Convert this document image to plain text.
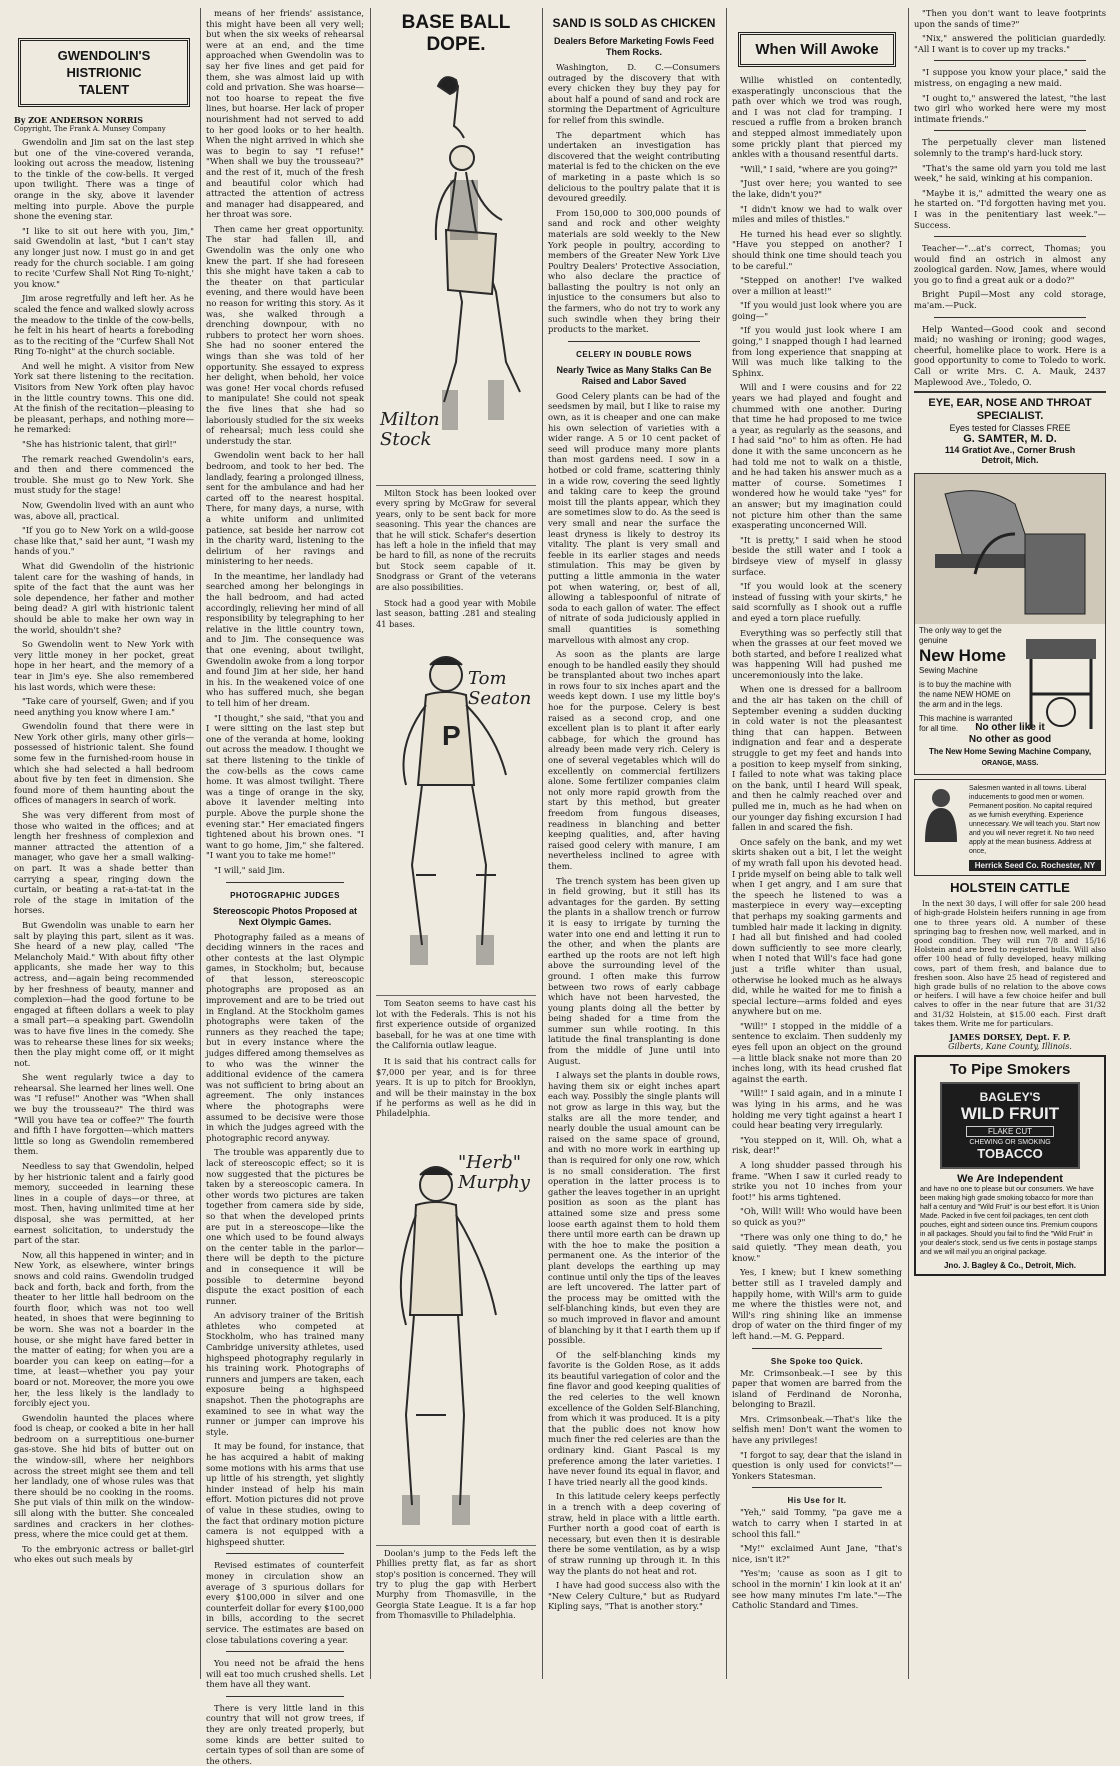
GWENDOLIN'S HISTRIONIC
TALENT
By ZOE ANDERSON NORRIS
Copyright, The Frank A. Munsey Company

Gwendolin and Jim sat on the last step but one of the vine-covered veranda, looking out across the meadow, listening to the tinkle of the cow-bells. It verged upon twilight. There was a tinge of orange in the sky, above it lavender melting into purple. Above the purple shone the evening star.

"I like to sit out here with you, Jim," said Gwendolin at last, "but I can't stay any longer just now. I must go in and get ready for the church sociable. I am going to recite 'Curfew Shall Not Ring To-night,' you know."

Jim arose regretfully and left her. As he scaled the fence and walked slowly across the meadow to the tinkle of the cow-bells, he felt in his heart of hearts a foreboding as to the reciting of the "Curfew Shall Not Ring To-night" at the church sociable.

And well he might. A visitor from New York sat there listening to the recitation. Visitors from New York often play havoc in the little country towns. This one did. At the finish of the recitation—pleasing to be pleasant, perhaps, and nothing more—he remarked:

"She has histrionic talent, that girl!"

The remark reached Gwendolin's ears, and then and there commenced the trouble. She must go to New York. She must study for the stage!

Now, Gwendolin lived with an aunt who was, above all, practical.

"If you go to New York on a wild-goose chase like that," said her aunt, "I wash my hands of you."

What did Gwendolin of the histrionic talent care for the washing of hands, in spite of the fact that the aunt was her sole dependence, her father and mother being dead? A girl with histrionic talent should be able to make her own way in the world, shouldn't she?

So Gwendolin went to New York with very little money in her pocket, great hope in her heart, and the memory of a tear in Jim's eye. She also remembered his last words, which were these:

"Take care of yourself, Gwen; and if you need anything you know where I am."

Gwendolin found that there were in New York other girls, many other girls—possessed of histrionic talent. She found some few in the furnished-room house in which she had selected a hall bedroom about five by ten feet in dimension. She found more of them haunting about the offices of managers in search of work.

She was very different from most of those who waited in the offices; and at length her freshness of complexion and manner attracted the attention of a manager, who gave her a small walking-on part. It was a shade better than carrying a spear, ringing down the curtain, or beating a rat-a-tat-tat in the role of the stage in imitation of the horses.

But Gwendolin was unable to earn her salt by playing this part, silent as it was. She heard of a new play, called "The Melancholy Maid." With about fifty other applicants, she made her way to this actress, and—again being recommended by her freshness of beauty, manner and complexion—had the good fortune to be engaged at fifteen dollars a week to play a small part—a speaking part. Gwendolin was to have five lines in the comedy. She was to rehearse these lines for six weeks; then the play might come off, or it might not.

She went regularly twice a day to rehearsal. She learned her lines well. One was "I refuse!" Another was "When shall we buy the trousseau?" The third was "Will you have tea or coffee?" The fourth and fifth I have forgotten—which matters little so long as Gwendolin remembered them.

Needless to say that Gwendolin, helped by her histrionic talent and a fairly good memory, succeeded in learning these lines in a couple of days—or three, at most. Then, having unlimited time at her disposal, she was permitted, at her earnest solicitation, to understudy the part of the star.

Now, all this happened in winter; and in New York, as elsewhere, winter brings snows and cold rains. Gwendolin trudged back and forth, back and forth, from the theater to her little hall bedroom on the fourth floor, which was not too well heated, in shoes that were beginning to be worn. She was not a boarder in the house, or she might have fared better in the matter of eating; for when you are a boarder you can keep on eating—for a time, at least—whether you pay your board or not. Moreover, the more you owe her, the less likely is the landlady to forcibly eject you.

Gwendolin haunted the places where food is cheap, or cooked a bite in her hall bedroom on a surreptitious one-burner gas-stove. She hid bits of butter out on the window-sill, where her neighbors across the street might see them and tell her landlady, one of whose rules was that there should be no cooking in the rooms. She put vials of thin milk on the window-sill along with the butter. She concealed sardines and crackers in her clothes-press, where the mice could get at them.

To the embryonic actress or ballet-girl who ekes out such meals by

means of her friends' assistance, this might have been all very well; but when the six weeks of rehearsal were at an end, and the time approached when Gwendolin was to say her five lines and get paid for them, she was almost laid up with cold and privation. She was hoarse—not too hoarse to repeat the five lines, but hoarse. Her lack of proper nourishment had not served to add to her good looks or to her health. When the night arrived in which she was to begin to say "I refuse!" "When shall we buy the trousseau?" and the rest of it, much of the fresh and beautiful color which had attracted the attention of actress and manager had disappeared, and her throat was sore.

Then came her great opportunity. The star had fallen ill, and Gwendolin was the only one who knew the part. If she had foreseen this she might have taken a cab to the theater on that particular evening, and there would have been no reason for writing this story. As it was, she walked through a drenching downpour, with no rubbers to protect her worn shoes. She had no sooner entered the wings than she was told of her opportunity. She essayed to express her delight, when behold, her voice was gone! Her vocal chords refused to manipulate! She could not speak the five lines that she had so laboriously studied for the six weeks of rehearsal; much less could she understudy the star.

Gwendolin went back to her hall bedroom, and took to her bed. The landlady, fearing a prolonged illness, sent for the ambulance and had her carted off to the nearest hospital. There, for many days, a nurse, with a white uniform and unlimited patience, sat beside her narrow cot in the charity ward, listening to the delirium of her ravings and ministering to her needs.

In the meantime, her landlady had searched among her belongings in the hall bedroom, and had acted accordingly, relieving her mind of all responsibility by telegraphing to her relative in the little country town, and to Jim. The consequence was that one evening, about twilight, Gwendolin awoke from a long torpor and found Jim at her side, her hand in his. In the weakened voice of one who has suffered much, she began to tell him of her dream.

"I thought," she said, "that you and I were sitting on the last step but one of the veranda at home, looking out across the meadow. I thought we sat there listening to the tinkle of the cow-bells as the cows came home. It was almost twilight. There was a tinge of orange in the sky, above it lavender melting into purple. Above the purple shone the evening star." Her emaciated fingers tightened about his brown ones. "I want to go home, Jim," she faltered. "I want you to take me home!"

"I will," said Jim.

PHOTOGRAPHIC JUDGES
Stereoscopic Photos Proposed at Next Olympic Games.

Photography failed as a means of deciding winners in the races and other contests at the last Olympic games, in Stockholm; but, because of that lesson, stereoscopic photographs are proposed as an improvement and are to be tried out in England. At the Stockholm games photographs were taken of the runners as they reached the tape; but in every instance where the judges differed among themselves as to who was the winner the additional evidence of the camera was not sufficient to bring about an agreement. The only instances where the photographs were assumed to be decisive were those in which the judges agreed with the photographic record anyway.

The trouble was apparently due to lack of stereoscopic effect; so it is now suggested that the pictures be taken by a stereoscopic camera. In other words two pictures are taken together from camera side by side, so that when the developed prints are put in a stereoscope—like the one which used to be found always on the center table in the parlor—there will be depth to the picture and in consequence it will be possible to determine beyond dispute the exact position of each runner.

An advisory trainer of the British athletes who competed at Stockholm, who has trained many Cambridge university athletes, used highspeed photography regularly in his training work. Photographs of runners and jumpers are taken, each exposure being a highspeed snapshot. Then the photographs are examined to see in what way the runner or jumper can improve his style.

It may be found, for instance, that he has acquired a habit of making some motions with his arms that use up little of his strength, yet slightly hinder instead of help his main effort. Motion pictures did not prove of value in these studies, owing to the fact that ordinary motion picture camera is not equipped with a highspeed shutter.

Revised estimates of counterfeit money in circulation show an average of 3 spurious dollars for every $100,000 in silver and one counterfeit dollar for every $100,000 in bills, according to the secret service. The estimates are based on close tabulations covering a year.

You need not be afraid the hens will eat too much crushed shells. Let them have all they want.

There is very little land in this country that will not grow trees, if they are only treated properly, but some kinds are better suited to certain types of soil than are some of the others.

BASE BALL DOPE.
Milton
Stock

Milton Stock has been looked over every spring by McGraw for several years, only to be sent back for more seasoning. This year the chances are that he will stick. Schafer's desertion has left a hole in the infield that may be hard to fill, as none of the recruits but Stock seem capable of it. Snodgrass or Grant of the veterans are also possibilities.

Stock had a good year with Mobile last season, batting .281 and stealing 41 bases.

P
Tom
Seaton

Tom Seaton seems to have cast his lot with the Federals. This is not his first experience outside of organized baseball, for he was at one time with the California outlaw league.

It is said that his contract calls for $7,000 per year, and is for three years. It is up to pitch for Brooklyn, and will be their mainstay in the box if he performs as well as he did in Philadelphia.

"Herb"
Murphy

Doolan's jump to the Feds left the Phillies pretty flat, as far as short stop's position is concerned. They will try to plug the gap with Herbert Murphy from Thomasville, in the Georgia State League. It is a far hop from Thomasville to Philadelphia.

SAND IS SOLD AS CHICKEN
Dealers Before Marketing Fowls Feed Them Rocks.

Washington, D. C.—Consumers outraged by the discovery that with every chicken they buy they pay for about half a pound of sand and rock are storming the Department of Agriculture for relief from this swindle.

The department which has undertaken an investigation has discovered that the weight contributing material is fed to the chicken on the eve of marketing in a paste which is so delicious to the poultry palate that it is devoured greedily.

From 150,000 to 300,000 pounds of sand and rock and other weighty materials are sold weekly to the New York people in poultry, according to members of the Greater New York Live Poultry Dealers' Protective Association, who also declare the practice of ballasting the poultry is not only an injustice to the consumers but also to the farmers, who do not try to work any such swindle when they bring their products to the market.

CELERY IN DOUBLE ROWS
Nearly Twice as Many Stalks Can Be Raised and Labor Saved

Good Celery plants can be had of the seedsmen by mail, but I like to raise my own, as it is cheaper and one can make his own selection of varieties with a wider range. A 5 or 10 cent packet of seed will produce many more plants than most gardens need. I sow in a hotbed or cold frame, scattering thinly in a wide row, covering the seed lightly and taking care to keep the ground moist till the plants appear, which they are sometimes slow to do. As the seed is very small and near the surface the least dryness is likely to destroy its vitality. The plant is very small and feeble in its earlier stages and needs stimulation. This may be given by putting a little ammonia in the water pot when watering, or, best of all, allowing a tablespoonful of nitrate of soda to each gallon of water. The effect of nitrate of soda judiciously applied in small quantities is something marvellous with almost any crop.

As soon as the plants are large enough to be handled easily they should be transplanted about two inches apart in rows four to six inches apart and the weeds kept down. I use my little boy's hoe for the purpose. Celery is best raised as a second crop, and one excellent plan is to plant it after early cabbage, for which the ground has already been made very rich. Celery is one of several vegetables which will do excellently on commercial fertilizers alone. Some fertilizer companies claim not only more rapid growth from the start by this method, but greater freedom from fungous diseases, readiness in blanching and better keeping qualities, and, after having raised good celery with manure, I am nevertheless inclined to agree with them.

The trench system has been given up in field growing, but it still has its advantages for the garden. By setting the plants in a shallow trench or furrow it is easy to irrigate by turning the water into one end and letting it run to the other, and when the plants are earthed up the roots are not left high above the surrounding level of the ground. I often make this furrow between two rows of early cabbage which have not been harvested, the young plants doing all the better by being shaded for a time from the summer sun while rooting. In this latitude the final transplanting is done from the middle of June until into August.

I always set the plants in double rows, having them six or eight inches apart each way. Possibly the single plants will not grow as large in this way, but the stalks are all the more tender, and nearly double the usual amount can be raised on the same space of ground, and with no more work in earthing up than is required for only one row, which is no small consideration. The first operation in the latter process is to gather the leaves together in an upright position as soon as the plant has attained some size and press some loose earth against them to hold them there until more earth can be drawn up with the hoe to make the position a permanent one. As the interior of the plant develops the earthing up may continue until only the tips of the leaves are left uncovered. The latter part of the process may be omitted with the self-blanching kinds, but even they are so much improved in flavor and amount of blanching by it that I earth them up if possible.

Of the self-blanching kinds my favorite is the Golden Rose, as it adds its beautiful variegation of color and the fine flavor and good keeping qualities of the red celeries to the well known excellence of the Golden Self-Blanching, from which it was produced. It is a pity that the public does not know how much finer the red celeries are than the ordinary kind. Giant Pascal is my preference among the later varieties. I have never found its equal in flavor, and I have tried nearly all the good kinds.

In this latitude celery keeps perfectly in a trench with a deep covering of straw, held in place with a little earth. Further north a good coat of earth is necessary, but even then it is desirable there be some ventilation, as by a wisp of straw running up through it. In this way the plants do not heat and rot.

I have had good success also with the "New Celery Culture," but as Rudyard Kipling says, "That is another story."

When Will Awoke

Willie whistled on contentedly, exasperatingly unconscious that the path over which we trod was rough, and I was not clad for tramping. I rescued a ruffle from a broken branch and stepped almost immediately upon some prickly plant that pierced my ankles with a thousand resentful darts.

"Will," I said, "where are you going?"

"Just over here; you wanted to see the lake, didn't you?"

"I didn't know we had to walk over miles and miles of thistles."

He turned his head ever so slightly. "Have you stepped on another? I should think one time should teach you to be careful."

"Stepped on another! I've walked over a million at least!"

"If you would just look where you are going—"

"If you would just look where I am going," I snapped though I had learned from long experience that snapping at Will was much like talking to the Sphinx.

Will and I were cousins and for 22 years we had played and fought and chummed with one another. During that time he had proposed to me twice a year, as regularly as the seasons, and I had said "no" to him as often. He had done it with the same unconcern as he had told me not to walk on a thistle, and he had taken his answer much as a matter of course. Sometimes I wondered how he would take "yes" for an answer; but my imagination could not picture him other than the same exasperating unconcerned Will.

"It is pretty," I said when he stood beside the still water and I took a birdseye view of myself in glassy surface.

"If you would look at the scenery instead of fussing with your skirts," he said scornfully as I shook out a ruffle and eyed a torn place ruefully.

Everything was so perfectly still that when the grasses at our feet moved we both started, and before I realized what was happening Will had pushed me unceremoniously into the lake.

When one is dressed for a ballroom and the air has taken on the chill of September evening a sudden ducking in cold water is not the pleasantest thing that can happen. Between indignation and fear and a desperate struggle to get my feet and hands into a position to keep myself from sinking, I failed to note what was taking place on the bank, until I heard Will speak, and then he calmly reached over and pulled me in, much as he had when on our younger day fishing excursion I had fallen in and scared the fish.

Once safely on the bank, and my wet skirts shaken out a bit, I let the weight of my wrath fall upon his devoted head. I pride myself on being able to talk well when I get angry, and I am sure that the speech he listened to was a masterpiece in every way—excepting that perhaps my soaking garments and tumbled hair made it lacking in dignity. I had all but finished and had cooled down sufficiently to see more clearly, when I noted that Will's face had gone just a trifle whiter than usual, otherwise he looked much as he always did, while he waited for me to finish a special lecture—arms folded and eyes anywhere but on me.

"Will!" I stopped in the middle of a sentence to exclaim. Then suddenly my eyes fell upon an object on the ground—a little black snake not more than 20 inches long, with its head crushed flat against the earth.

"Will!" I said again, and in a minute I was lying in his arms, and he was holding me very tight against a heart I could hear beating very irregularly.

"You stepped on it, Will. Oh, what a risk, dear!"

A long shudder passed through his frame. "When I saw it curled ready to strike you not 10 inches from your foot!" his arms tightened.

"Oh, Will! Will! Who would have been so quick as you?"

"There was only one thing to do," he said quietly. "They mean death, you know."

Yes, I knew; but I knew something better still as I traveled damply and happily home, with Will's arm to guide me where the thistles were not, and Will's ring shining like an immense drop of water on the third finger of my left hand.—M. G. Peppard.

She Spoke too Quick.

Mr. Crimsonbeak.—I see by this paper that women are barred from the island of Ferdinand de Noronha, belonging to Brazil.

Mrs. Crimsonbeak.—That's like the selfish men! Don't want the women to have any privileges!

"I forgot to say, dear that the island in question is only used for convicts!"—Yonkers Statesman.

His Use for It.

"Yeh," said Tommy, "pa gave me a watch to carry when I started in at school this fall."

"My!" exclaimed Aunt Jane, "that's nice, isn't it?"

"Yes'm; 'cause as soon as I git to school in the mornin' I kin look at it an' see how many minutes I'm late."—The Catholic Standard and Times.

"Then you don't want to leave footprints upon the sands of time?"

"Nix," answered the politician guardedly. "All I want is to cover up my tracks."

"I suppose you know your place," said the mistress, on engaging a new maid.

"I ought to," answered the latest, "the last two girl who worked here were my most intimate friends."

The perpetually clever man listened solemnly to the tramp's hard-luck story.

"That's the same old yarn you told me last week," he said, winking at his companion.

"Maybe it is," admitted the weary one as he started on. "I'd forgotten having met you. I was in the penitentiary last week."—Success.

Teacher—"...at's correct, Thomas; you would find an ostrich in almost any zoological garden. Now, James, where would you go to find a great auk or a dodo?"

Bright Pupil—Most any cold storage, ma'am.—Puck.

Help Wanted—Good cook and second maid; no washing or ironing; good wages, cheerful, homelike place to work. Here is a good opportunity to come to Toledo to work. Call or write Mrs. C. A. Mauk, 2437 Maplewood Ave., Toledo, O.

EYE, EAR, NOSE AND THROAT SPECIALIST.
Eyes tested for Classes FREE
G. SAMTER, M. D.
114 Gratiot Ave., Corner Brush
Detroit, Mich.
The only way to get the genuine
New Home
Sewing Machine
is to buy the machine with the name NEW HOME on the arm and in the legs.
This machine is warranted for all time.	No other like it
No other as good
The New Home Sewing Machine Company,
ORANGE, MASS.

Salesmen wanted in all towns. Liberal inducements to good men or women. Permanent position. No capital required as we furnish everything. Experience unnecessary. We will teach you. Start now and you will never regret it. No two need apply at the mean business. Address at once,

Herrick Seed Co. Rochester, NY
HOLSTEIN CATTLE

In the next 30 days, I will offer for sale 200 head of high-grade Holstein heifers running in age from one to three years old. A number of these springing bag to freshen now, well marked, and in good condition. They will run 7/8 and 15/16 Holstein and are bred to registered bulls. Will also offer 100 head of fully developed, heavy milking cows, part of them fresh, and balance due to freshen soon. Also have 25 head of registered and high grade bulls of no relation to the above cows or heifers. I will have a few choice heifer and bull calves to offer in the near future that are 31/32 and 31/32 Holstein, at $15.00 each. First draft takes them. Write me for particulars.

JAMES DORSEY, Dept. F. P.
Gilberts, Kane County, Illinois.
To Pipe Smokers
BAGLEY'S
WILD FRUIT
FLAKE CUT
CHEWING OR SMOKING
TOBACCO
We Are Independent

and have no one to please but our consumers. We have been making high grade smoking tobacco for more than half a century and "Wild Fruit" is our best effort. It is Union Made. Packed in five cent foil packages, ten cent cloth pouches, eight and sixteen ounce tins. Premium coupons in all packages. Should you fail to find the "Wild Fruit" in your dealer's stock, send us five cents in postage stamps and we will mail you an original package.

Jno. J. Bagley & Co., Detroit, Mich.
